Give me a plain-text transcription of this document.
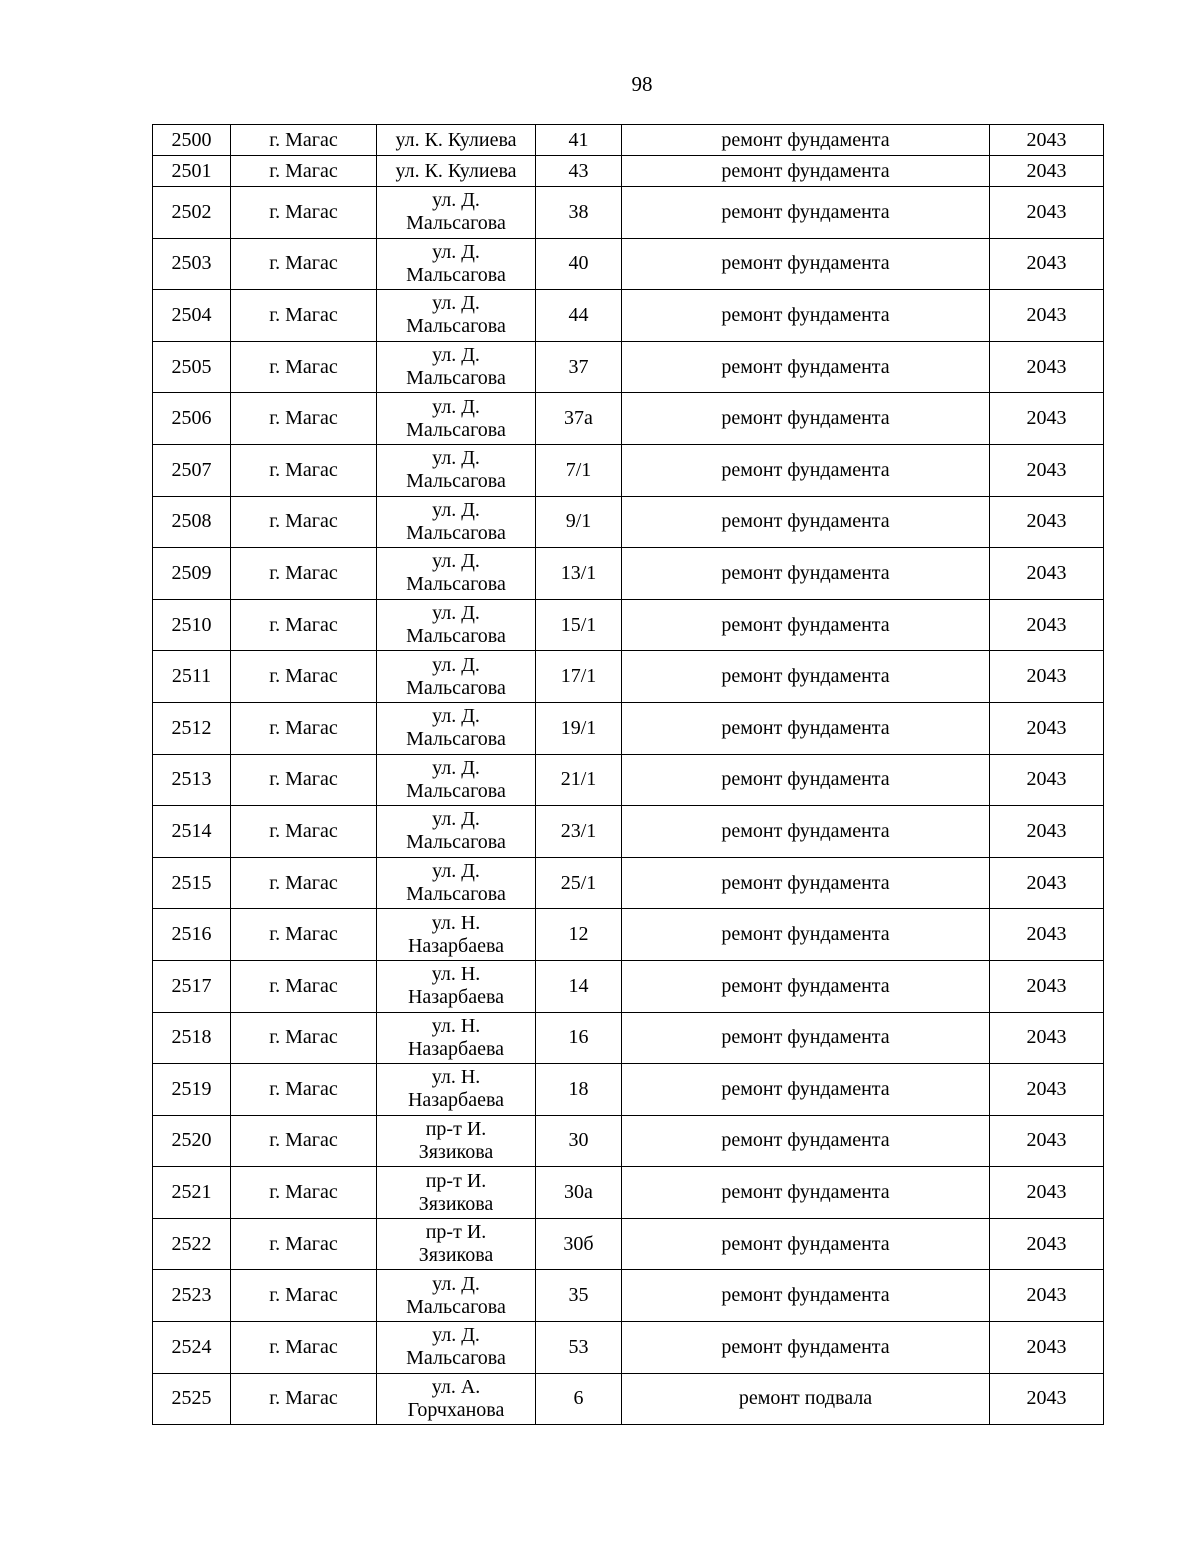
98
2500	г. Магас	ул. К. Кулиева	41	ремонт фундамента	2043
2501	г. Магас	ул. К. Кулиева	43	ремонт фундамента	2043
2502	г. Магас	ул. Д. Мальсагова	38	ремонт фундамента	2043
2503	г. Магас	ул. Д. Мальсагова	40	ремонт фундамента	2043
2504	г. Магас	ул. Д. Мальсагова	44	ремонт фундамента	2043
2505	г. Магас	ул. Д. Мальсагова	37	ремонт фундамента	2043
2506	г. Магас	ул. Д. Мальсагова	37а	ремонт фундамента	2043
2507	г. Магас	ул. Д. Мальсагова	7/1	ремонт фундамента	2043
2508	г. Магас	ул. Д. Мальсагова	9/1	ремонт фундамента	2043
2509	г. Магас	ул. Д. Мальсагова	13/1	ремонт фундамента	2043
2510	г. Магас	ул. Д. Мальсагова	15/1	ремонт фундамента	2043
2511	г. Магас	ул. Д. Мальсагова	17/1	ремонт фундамента	2043
2512	г. Магас	ул. Д. Мальсагова	19/1	ремонт фундамента	2043
2513	г. Магас	ул. Д. Мальсагова	21/1	ремонт фундамента	2043
2514	г. Магас	ул. Д. Мальсагова	23/1	ремонт фундамента	2043
2515	г. Магас	ул. Д. Мальсагова	25/1	ремонт фундамента	2043
2516	г. Магас	ул. Н. Назарбаева	12	ремонт фундамента	2043
2517	г. Магас	ул. Н. Назарбаева	14	ремонт фундамента	2043
2518	г. Магас	ул. Н. Назарбаева	16	ремонт фундамента	2043
2519	г. Магас	ул. Н. Назарбаева	18	ремонт фундамента	2043
2520	г. Магас	пр-т И. Зязикова	30	ремонт фундамента	2043
2521	г. Магас	пр-т И. Зязикова	30а	ремонт фундамента	2043
2522	г. Магас	пр-т И. Зязикова	30б	ремонт фундамента	2043
2523	г. Магас	ул. Д. Мальсагова	35	ремонт фундамента	2043
2524	г. Магас	ул. Д. Мальсагова	53	ремонт фундамента	2043
2525	г. Магас	ул. А. Горчханова	6	ремонт подвала	2043
